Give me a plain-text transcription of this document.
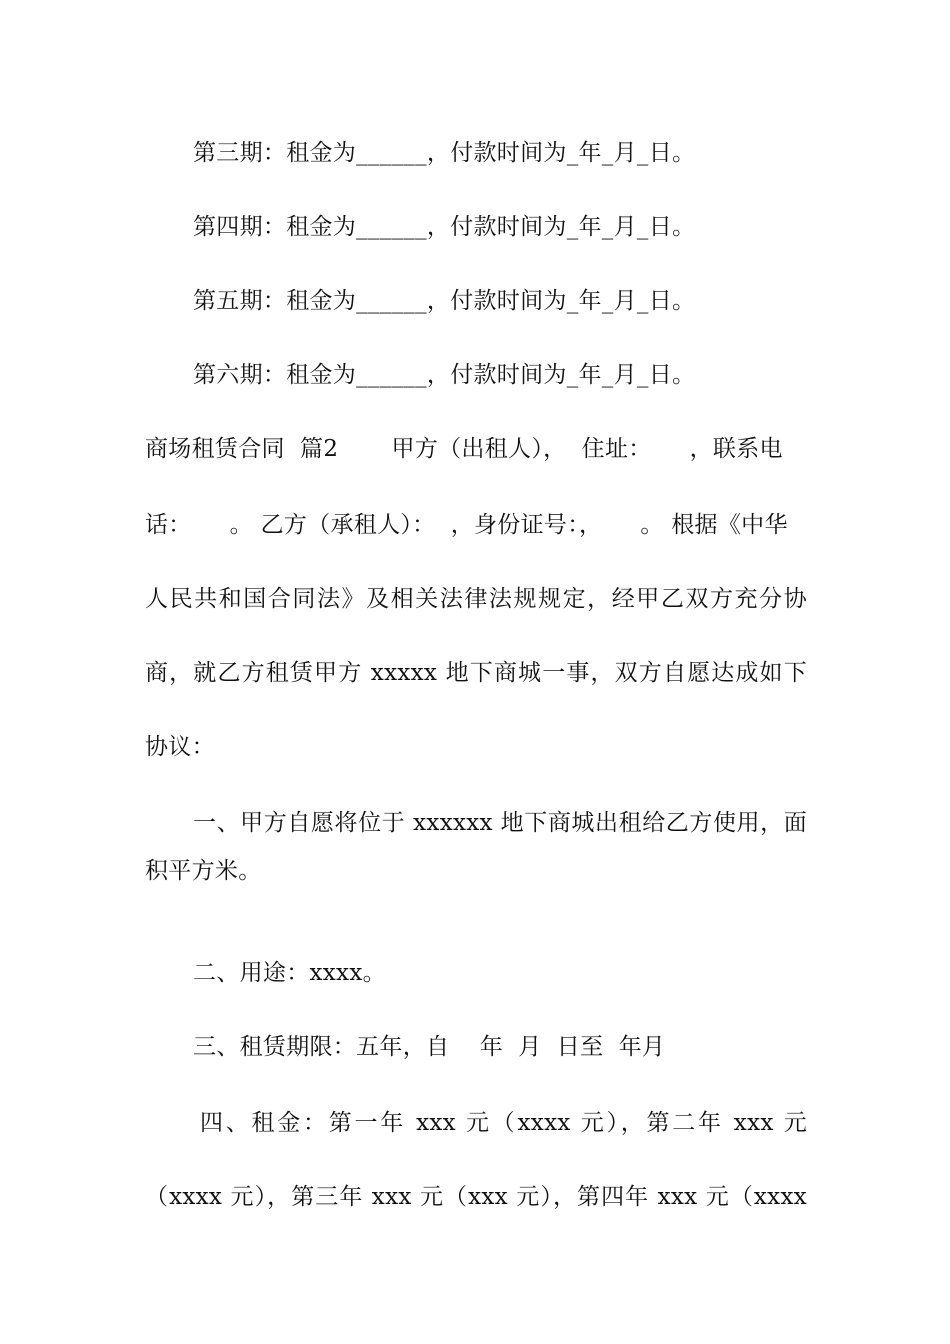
第三期：租金为______，付款时间为_年_月_日。
第四期：租金为______，付款时间为_年_月_日。
第五期：租金为______，付款时间为_年_月_日。
第六期：租金为______，付款时间为_年_月_日。
商场租赁合同  篇2       甲方（出租人），  住址：     ，联系电
话：     。 乙方（承租人）：  ，身份证号：，     。 根据《中华
人民共和国合同法》及相关法律法规规定，经甲乙双方充分协
商，就乙方租赁甲方 xxxxx 地下商城一事，双方自愿达成如下
协议：
一、甲方自愿将位于 xxxxxx 地下商城出租给乙方使用，面
积平方米。
二、用途：xxxx。
三、租赁期限：五年，自    年  月  日至  年月
四、租金：第一年 xxx 元（xxxx 元），第二年 xxx 元
（xxxx 元），第三年 xxx 元（xxx 元），第四年 xxx 元（xxxx
